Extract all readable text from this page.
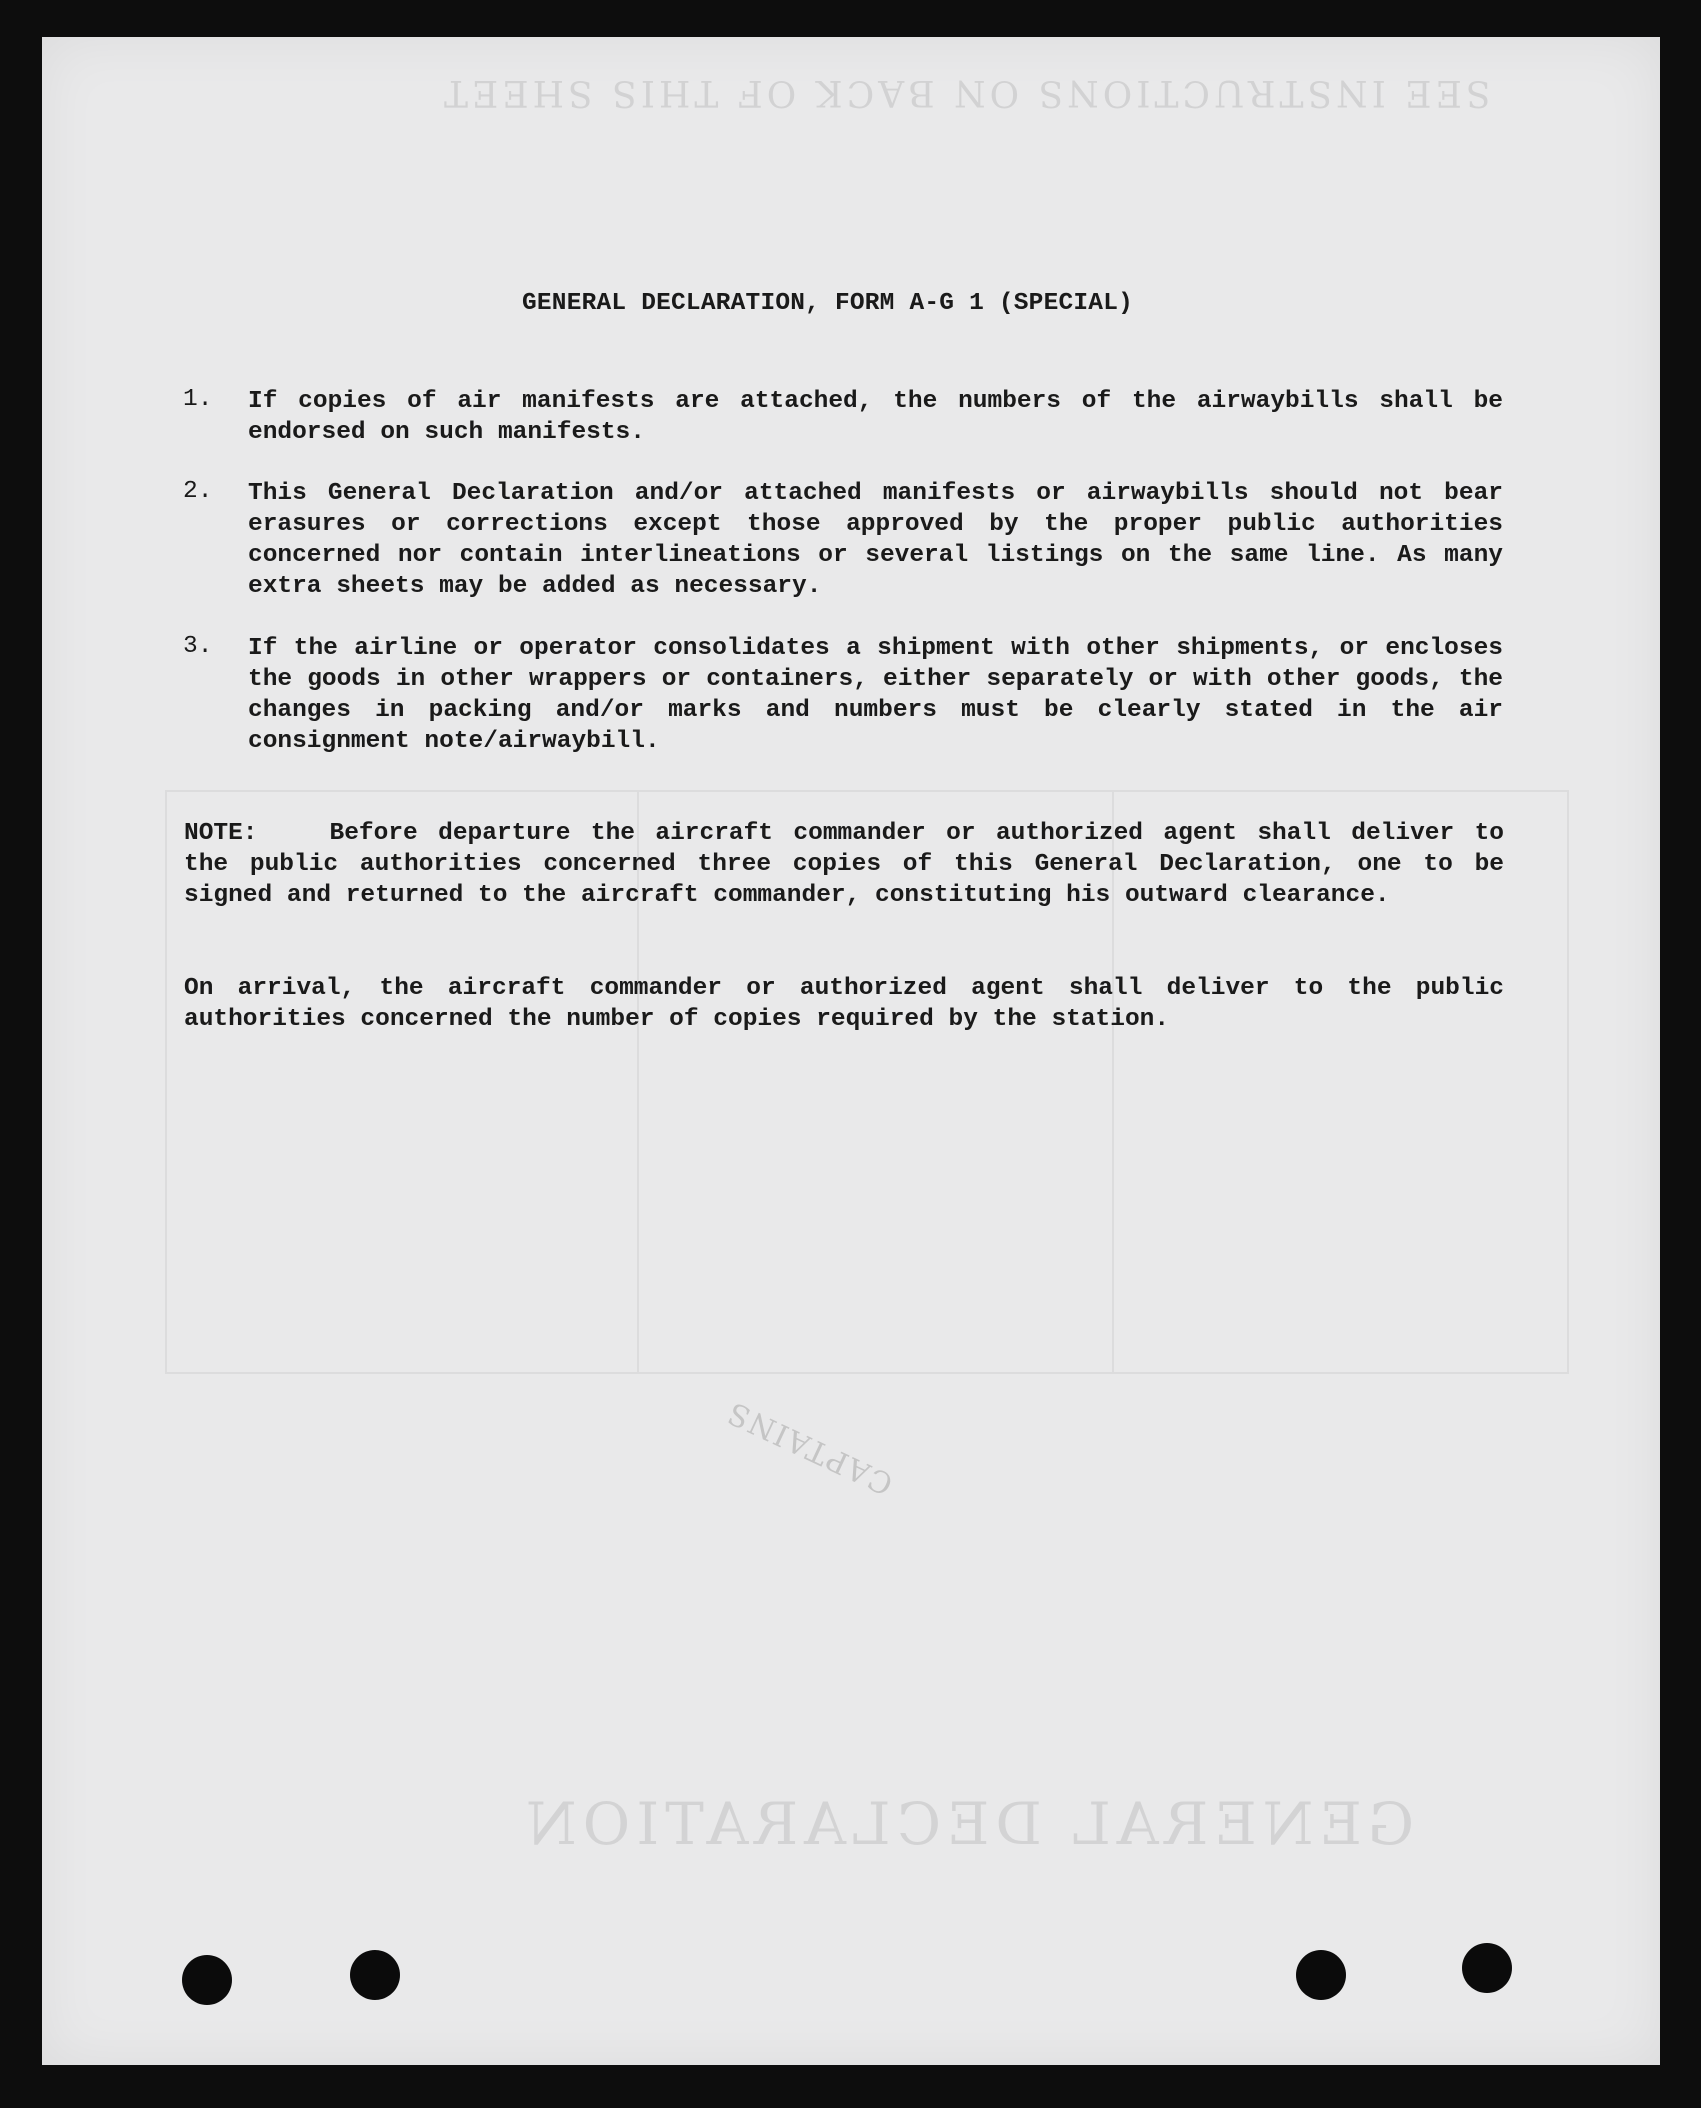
CAPTAINS
GENERAL DECLARATION, FORM A-G 1 (SPECIAL)
1.	If copies of air manifests are attached, the numbers of the airwaybills shall be endorsed on such manifests.
2.	This General Declaration and/or attached manifests or airwaybills should not bear erasures or corrections except those approved by the proper public authorities concerned nor contain interlineations or several listings on the same line. As many extra sheets may be added as necessary.
3.	If the airline or operator consolidates a shipment with other shipments, or encloses the goods in other wrappers or containers, either separately or with other goods, the changes in packing and/or marks and numbers must be clearly stated in the air consignment note/airwaybill.
NOTE:	Before departure the aircraft commander or authorized agent shall deliver to the public authorities concerned three copies of this General Declaration, one to be signed and returned to the aircraft commander, constituting his outward clearance.
On arrival, the aircraft commander or authorized agent shall deliver to the public authorities concerned the number of copies required by the station.
